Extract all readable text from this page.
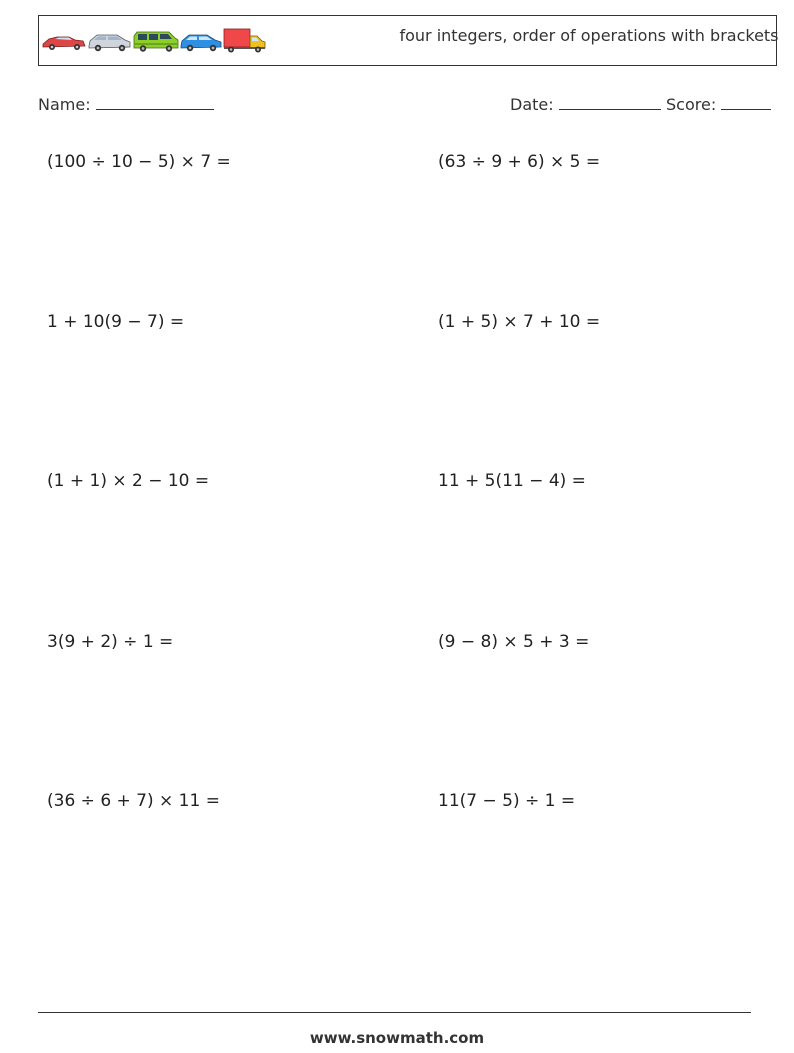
four integers, order of operations with brackets
Name:	Date:	Score:
(100 ÷ 10 − 5) × 7 =	(63 ÷ 9 + 6) × 5 =
1 + 10(9 − 7) =	(1 + 5) × 7 + 10 =
(1 + 1) × 2 − 10 =	11 + 5(11 − 4) =
3(9 + 2) ÷ 1 =	(9 − 8) × 5 + 3 =
(36 ÷ 6 + 7) × 11 =	11(7 − 5) ÷ 1 =
www.snowmath.com
